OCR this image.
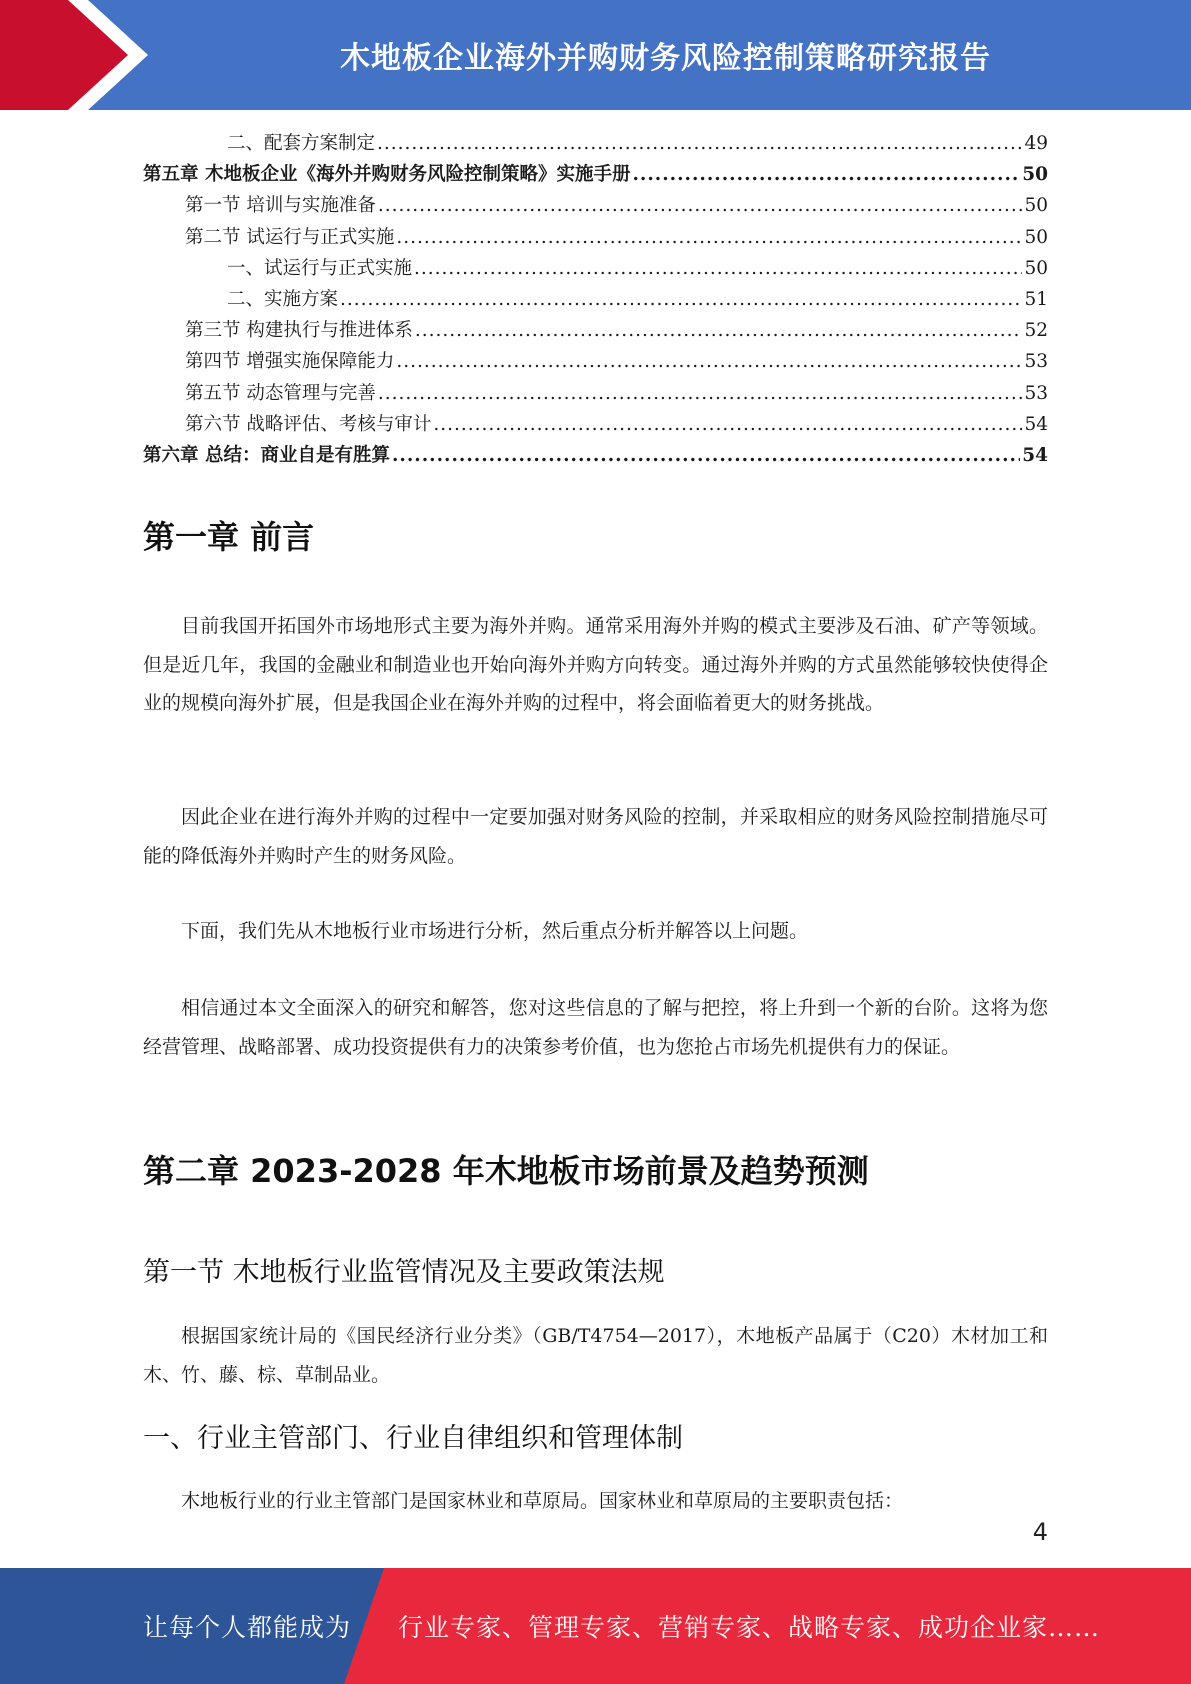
木地板企业海外并购财务风险控制策略研究报告
二、配套方案制定 .....	49
第五章 木地板企业《海外并购财务风险控制策略》实施手册 .....	50
第一节 培训与实施准备 .....	50
第二节 试运行与正式实施 .....	50
一、试运行与正式实施 .....	50
二、实施方案 .....	51
第三节 构建执行与推进体系 .....	52
第四节 增强实施保障能力 .....	53
第五节 动态管理与完善 .....	53
第六节 战略评估、考核与审计 .....	54
第六章 总结：商业自是有胜算 .....	54
第一章 前言

目前我国开拓国外市场地形式主要为海外并购。通常采用海外并购的模式主要涉及石油、矿产等领域。但是近几年，我国的金融业和制造业也开始向海外并购方向转变。通过海外并购的方式虽然能够较快使得企业的规模向海外扩展，但是我国企业在海外并购的过程中，将会面临着更大的财务挑战。

因此企业在进行海外并购的过程中一定要加强对财务风险的控制，并采取相应的财务风险控制措施尽可能的降低海外并购时产生的财务风险。

下面，我们先从木地板行业市场进行分析，然后重点分析并解答以上问题。

相信通过本文全面深入的研究和解答，您对这些信息的了解与把控，将上升到一个新的台阶。这将为您经营管理、战略部署、成功投资提供有力的决策参考价值，也为您抢占市场先机提供有力的保证。

第二章 2023-2028 年木地板市场前景及趋势预测
第一节 木地板行业监管情况及主要政策法规

根据国家统计局的《国民经济行业分类》（GB/T4754—2017），木地板产品属于（C20）木材加工和木、竹、藤、棕、草制品业。

一、行业主管部门、行业自律组织和管理体制

木地板行业的行业主管部门是国家林业和草原局。国家林业和草原局的主要职责包括：

4
让每个人都能成为 行业专家、管理专家、营销专家、战略专家、成功企业家……
